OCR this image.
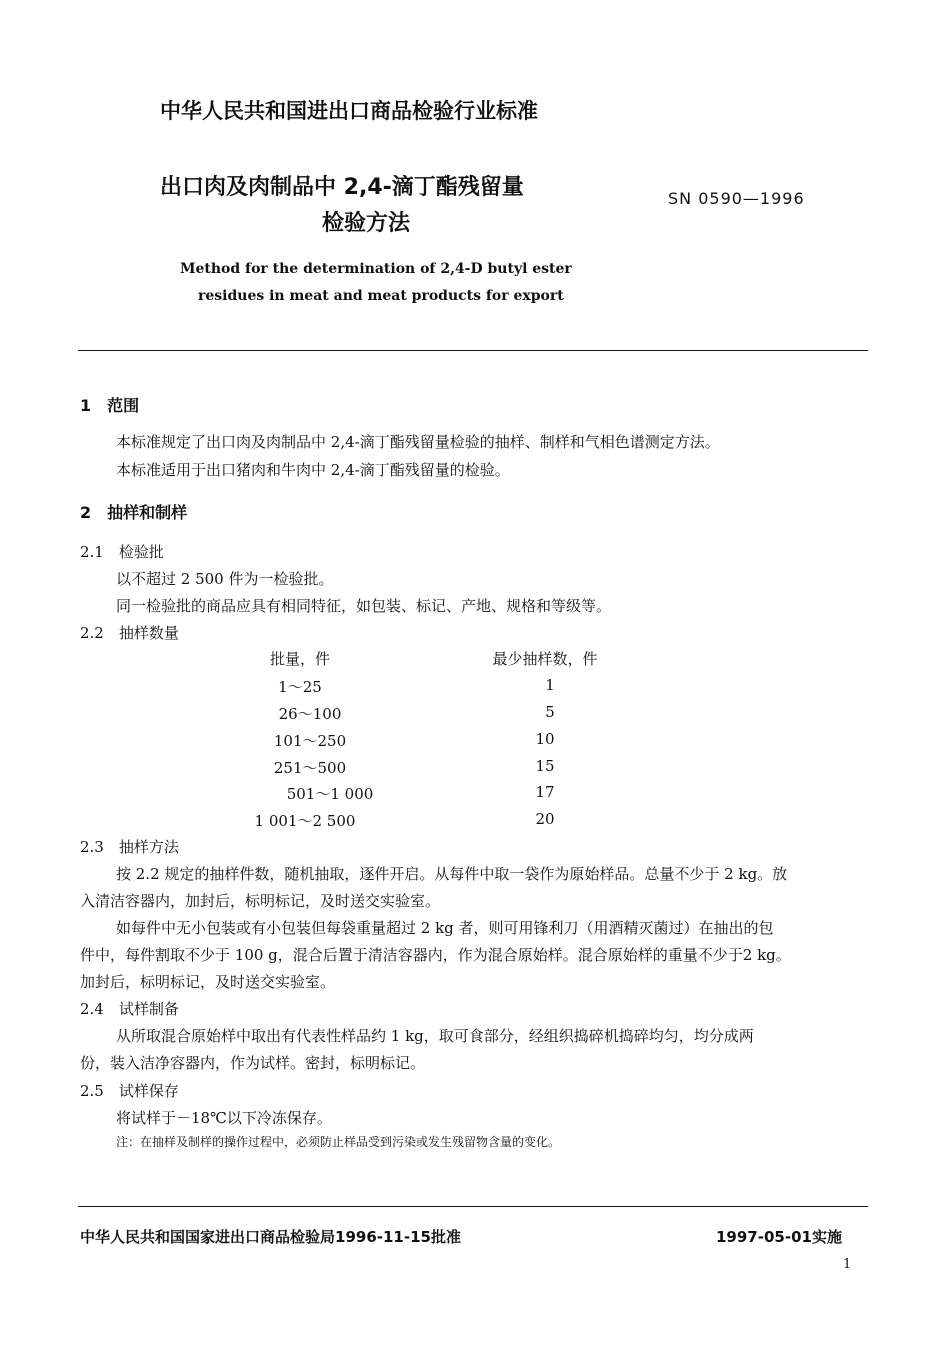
中华人民共和国进出口商品检验行业标准
出口肉及肉制品中 2,4-滴丁酯残留量
检验方法
SN 0590—1996
Method for the determination of 2,4-D butyl ester
residues in meat and meat products for export
1　范围
本标准规定了出口肉及肉制品中 2,4-滴丁酯残留量检验的抽样、制样和气相色谱测定方法。
本标准适用于出口猪肉和牛肉中 2,4-滴丁酯残留量的检验。
2　抽样和制样
2.1　检验批
以不超过 2 500 件为一检验批。
同一检验批的商品应具有相同特征，如包装、标记、产地、规格和等级等。
2.2　抽样数量
批量，件	最少抽样数，件
1～25	1
26～100	5
101～250	10
251～500	15
501～1 000	17
1 001～2 500	20
2.3　抽样方法
按 2.2 规定的抽样件数，随机抽取，逐件开启。从每件中取一袋作为原始样品。总量不少于 2 kg。放
入清洁容器内，加封后，标明标记，及时送交实验室。
如每件中无小包装或有小包装但每袋重量超过 2 kg 者，则可用锋利刀（用酒精灭菌过）在抽出的包
件中，每件割取不少于 100 g，混合后置于清洁容器内，作为混合原始样。混合原始样的重量不少于2 kg。
加封后，标明标记，及时送交实验室。
2.4　试样制备
从所取混合原始样中取出有代表性样品约 1 kg，取可食部分，经组织捣碎机捣碎均匀，均分成两
份，装入洁净容器内，作为试样。密封，标明标记。
2.5　试样保存
将试样于－18℃以下冷冻保存。
注：在抽样及制样的操作过程中，必须防止样品受到污染或发生残留物含量的变化。
中华人民共和国国家进出口商品检验局1996-11-15批准	1997-05-01实施
1
